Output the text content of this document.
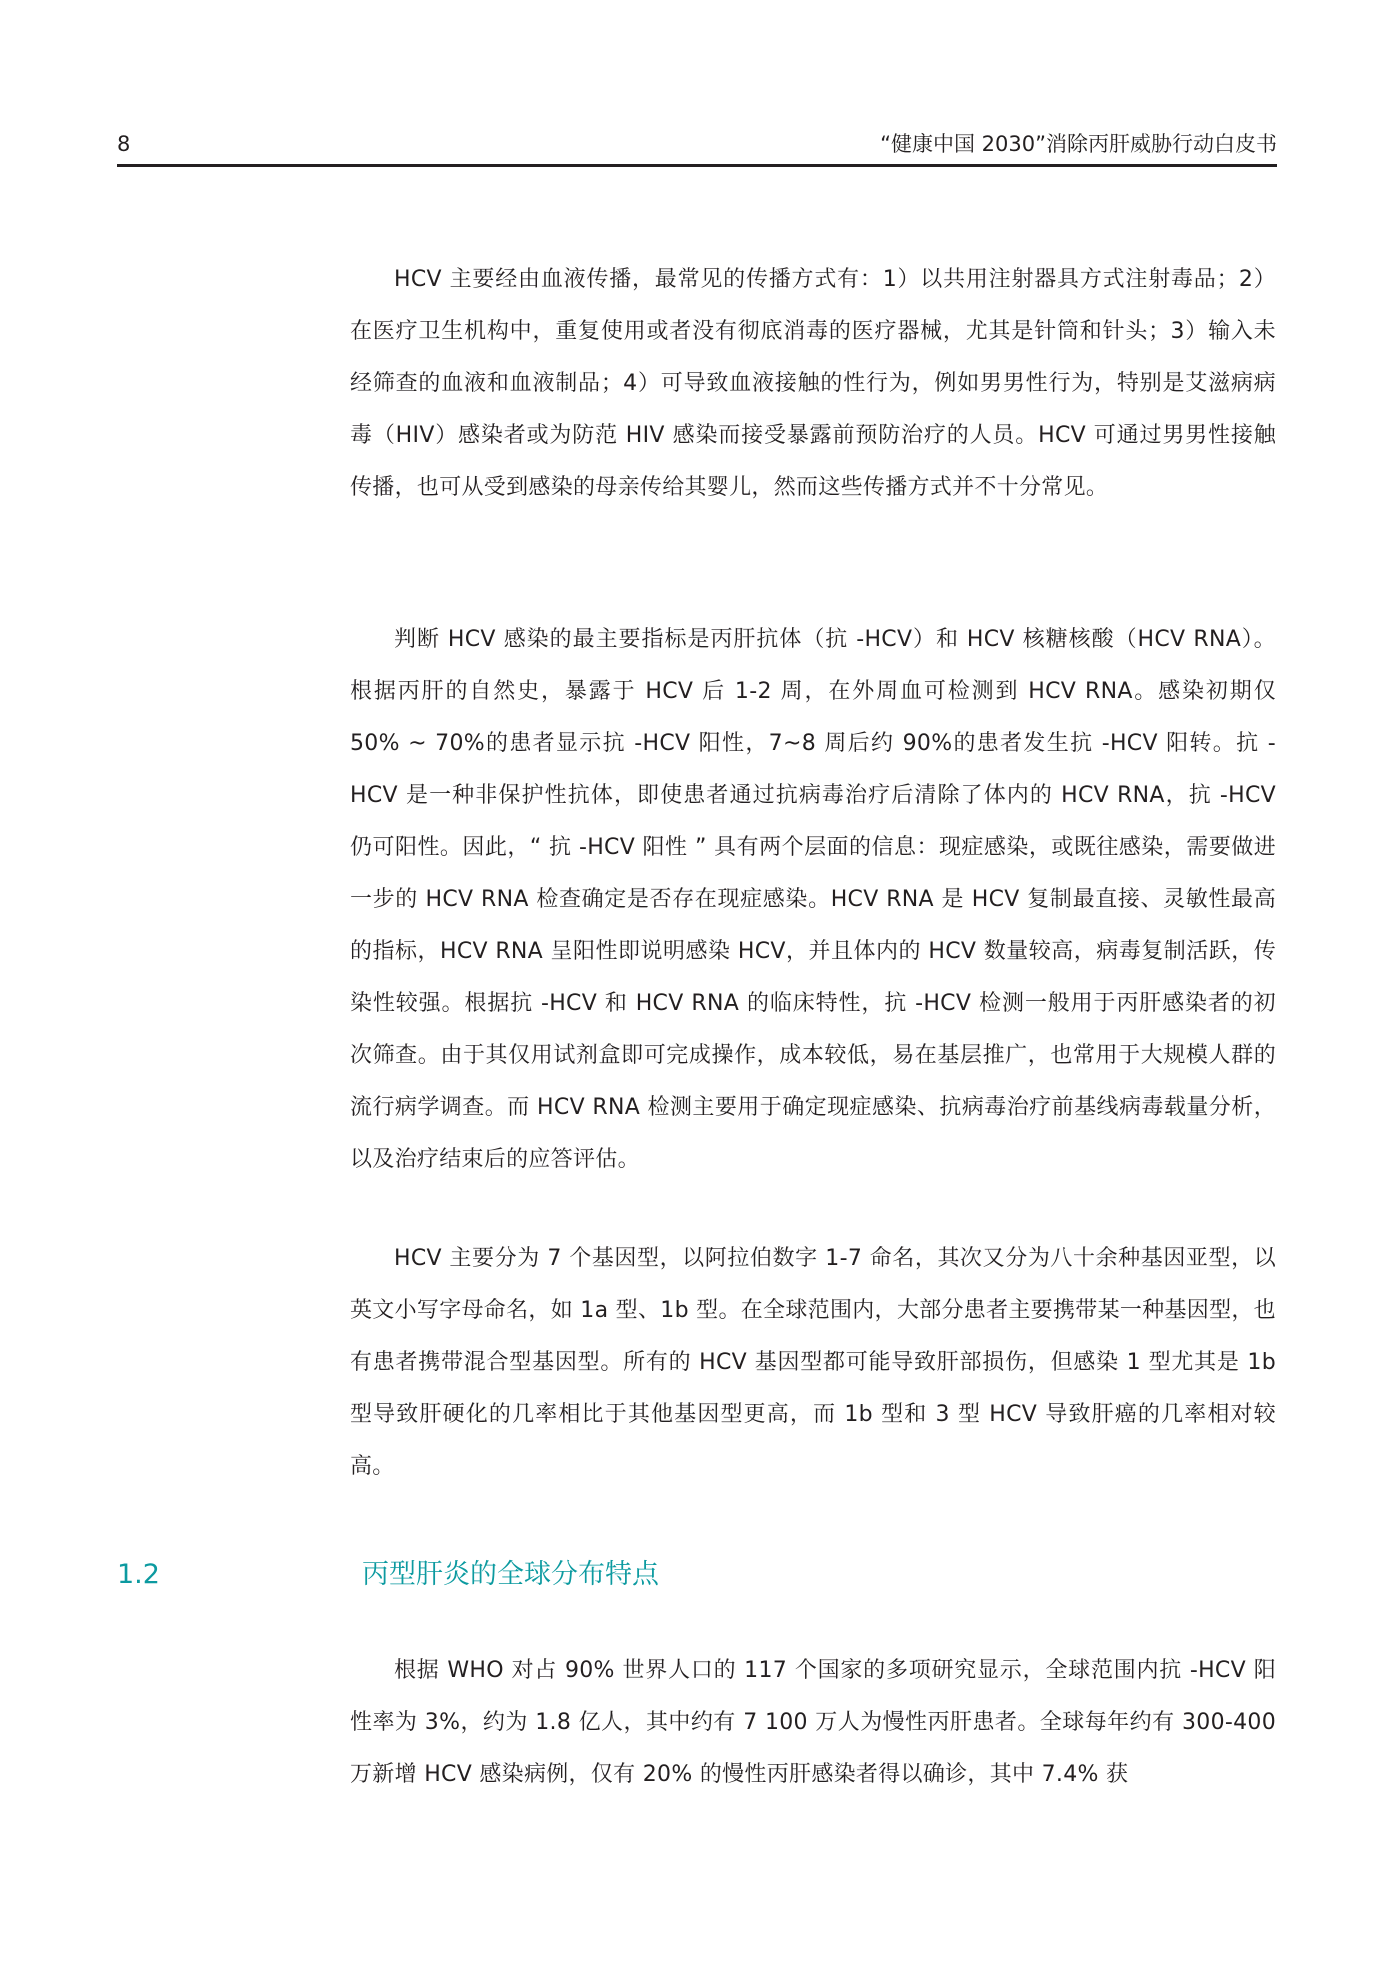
8	“健康中国 2030”消除丙肝威胁行动白皮书

HCV 主要经由血液传播，最常见的传播方式有：1）以共用注射器具方式注射毒品；2）在医疗卫生机构中，重复使用或者没有彻底消毒的医疗器械，尤其是针筒和针头；3）输入未经筛查的血液和血液制品；4）可导致血液接触的性行为，例如男男性行为，特别是艾滋病病毒（HIV）感染者或为防范 HIV 感染而接受暴露前预防治疗的人员。HCV 可通过男男性接触传播，也可从受到感染的母亲传给其婴儿，然而这些传播方式并不十分常见。

判断 HCV 感染的最主要指标是丙肝抗体（抗 -HCV）和 HCV 核糖核酸（HCV RNA）。根据丙肝的自然史，暴露于 HCV 后 1-2 周，在外周血可检测到 HCV RNA。感染初期仅 50% ~ 70%的患者显示抗 -HCV 阳性，7~8 周后约 90%的患者发生抗 -HCV 阳转。抗 -HCV 是一种非保护性抗体，即使患者通过抗病毒治疗后清除了体内的 HCV RNA，抗 -HCV 仍可阳性。因此，“ 抗 -HCV 阳性 ” 具有两个层面的信息：现症感染，或既往感染，需要做进一步的 HCV RNA 检查确定是否存在现症感染。HCV RNA 是 HCV 复制最直接、灵敏性最高的指标，HCV RNA 呈阳性即说明感染 HCV，并且体内的 HCV 数量较高，病毒复制活跃，传染性较强。根据抗 -HCV 和 HCV RNA 的临床特性，抗 -HCV 检测一般用于丙肝感染者的初次筛查。由于其仅用试剂盒即可完成操作，成本较低，易在基层推广，也常用于大规模人群的流行病学调查。而 HCV RNA 检测主要用于确定现症感染、抗病毒治疗前基线病毒载量分析，以及治疗结束后的应答评估。

HCV 主要分为 7 个基因型，以阿拉伯数字 1-7 命名，其次又分为八十余种基因亚型，以英文小写字母命名，如 1a 型、1b 型。在全球范围内，大部分患者主要携带某一种基因型，也有患者携带混合型基因型。所有的 HCV 基因型都可能导致肝部损伤，但感染 1 型尤其是 1b 型导致肝硬化的几率相比于其他基因型更高，而 1b 型和 3 型 HCV 导致肝癌的几率相对较高。

1.2	丙型肝炎的全球分布特点

根据 WHO 对占 90% 世界人口的 117 个国家的多项研究显示，全球范围内抗 -HCV 阳性率为 3%，约为 1.8 亿人，其中约有 7 100 万人为慢性丙肝患者。全球每年约有 300-400 万新增 HCV 感染病例，仅有 20% 的慢性丙肝感染者得以确诊，其中 7.4% 获
